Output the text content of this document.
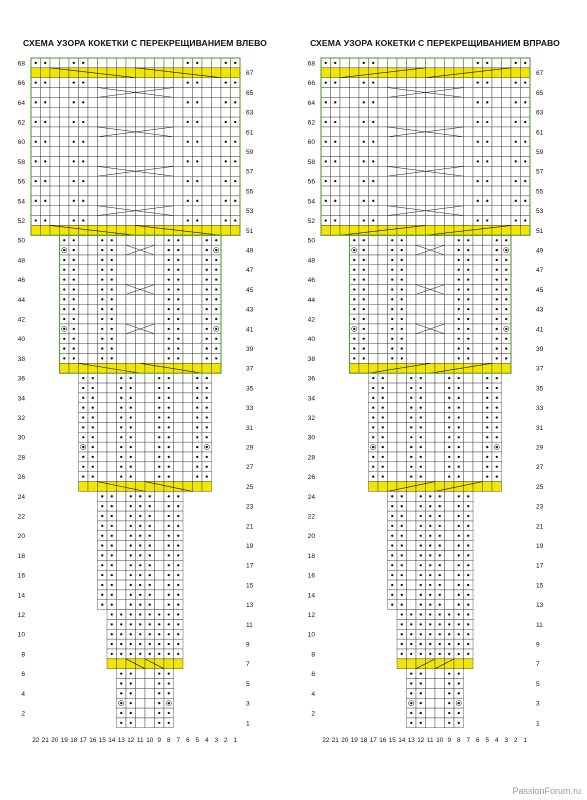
СХЕМА УЗОРА КОКЕТКИ С ПЕРЕКРЕЩИВАНИЕМ ВЛЕВО
68
66
64
62
60
58
56
54
52
50
48
46
44
42
40
38
36
34
32
30
28
26
24
22
20
18
16
14
12
10
8
6
4
2
67
65
63
61
59
57
55
53
51
49
47
45
43
41
39
37
35
33
31
29
27
25
23
21
19
17
15
13
11
9
7
5
3
1
22 21 20 19 18 17 16 15 14 13 12 11 10 9 8 7 6 5 4 3 2 1
СХЕМА УЗОРА КОКЕТКИ С ПЕРЕКРЕЩИВАНИЕМ ВПРАВО
68
66
64
62
60
58
56
54
52
50
48
46
44
42
40
38
36
34
32
30
28
26
24
22
20
18
16
14
12
10
8
6
4
2
67
65
63
61
59
57
55
53
51
49
47
45
43
41
39
37
35
33
31
29
27
25
23
21
19
17
15
13
11
9
7
5
3
1
22 21 20 19 18 17 16 15 14 13 12 11 10 9 8 7 6 5 4 3 2 1
PassionForum.ru
